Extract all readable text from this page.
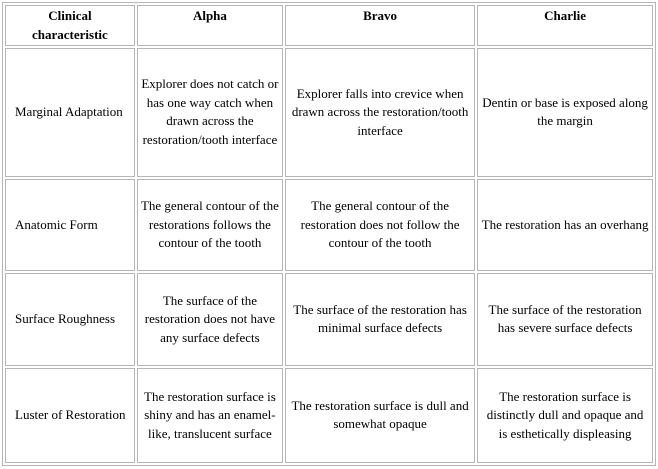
Clinical characteristic	Alpha	Bravo	Charlie
Marginal Adaptation	Explorer does not catch or has one way catch when drawn across the restoration/tooth interface	Explorer falls into crevice when drawn across the restoration/tooth interface	Dentin or base is exposed along the margin
Anatomic Form	The general contour of the restorations follows the contour of the tooth	The general contour of the restoration does not follow the contour of the tooth	The restoration has an overhang
Surface Roughness	The surface of the restoration does not have any surface defects	The surface of the restoration has minimal surface defects	The surface of the restoration has severe surface defects
Luster of Restoration	The restoration surface is shiny and has an enamel-like, translucent surface	The restoration surface is dull and somewhat opaque	The restoration surface is distinctly dull and opaque and is esthetically displeasing
